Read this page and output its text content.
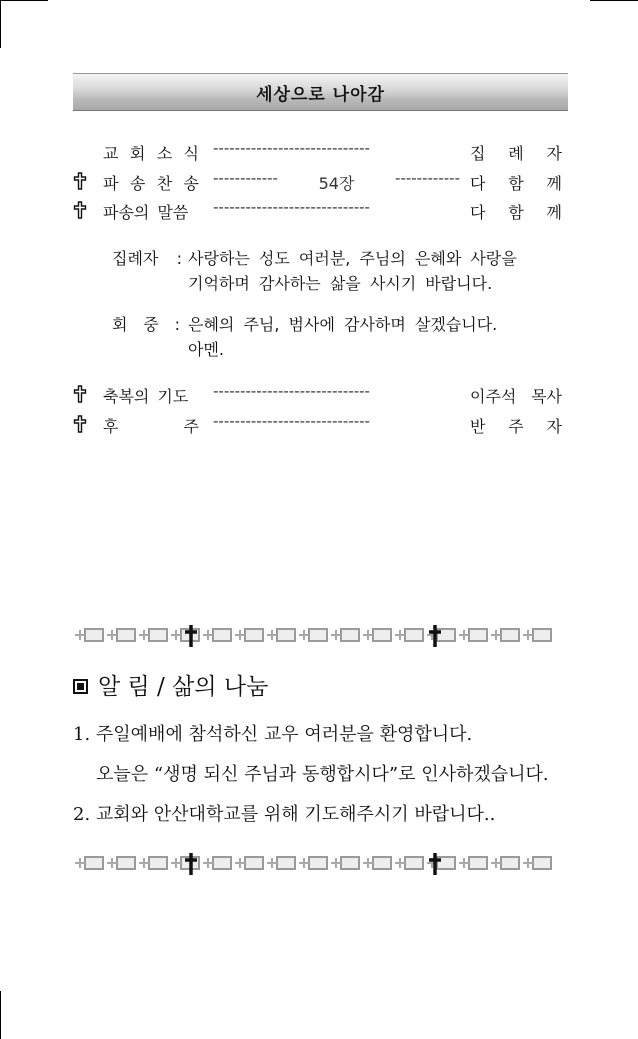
세상으로 나아감
교 회 소 식 -----------------------------	집 례 자
파 송 찬 송 ------------	54장	------------ 다 함 께
파송의 말씀 -----------------------------	다 함 께
집례자 : 사랑하는 성도 여러분, 주님의 은혜와 사랑을
기억하며 감사하는 삶을 사시기 바랍니다.
회 중 : 은혜의 주님, 범사에 감사하며 살겠습니다.
아멘.
축복의 기도 -----------------------------	이주석 목사
후	주 -----------------------------	반 주 자
알 림 / 삶의 나눔
1. 주일예배에 참석하신 교우 여러분을 환영합니다.
오늘은 “생명 되신 주님과 동행합시다”로 인사하겠습니다.
2. 교회와 안산대학교를 위해 기도해주시기 바랍니다..
